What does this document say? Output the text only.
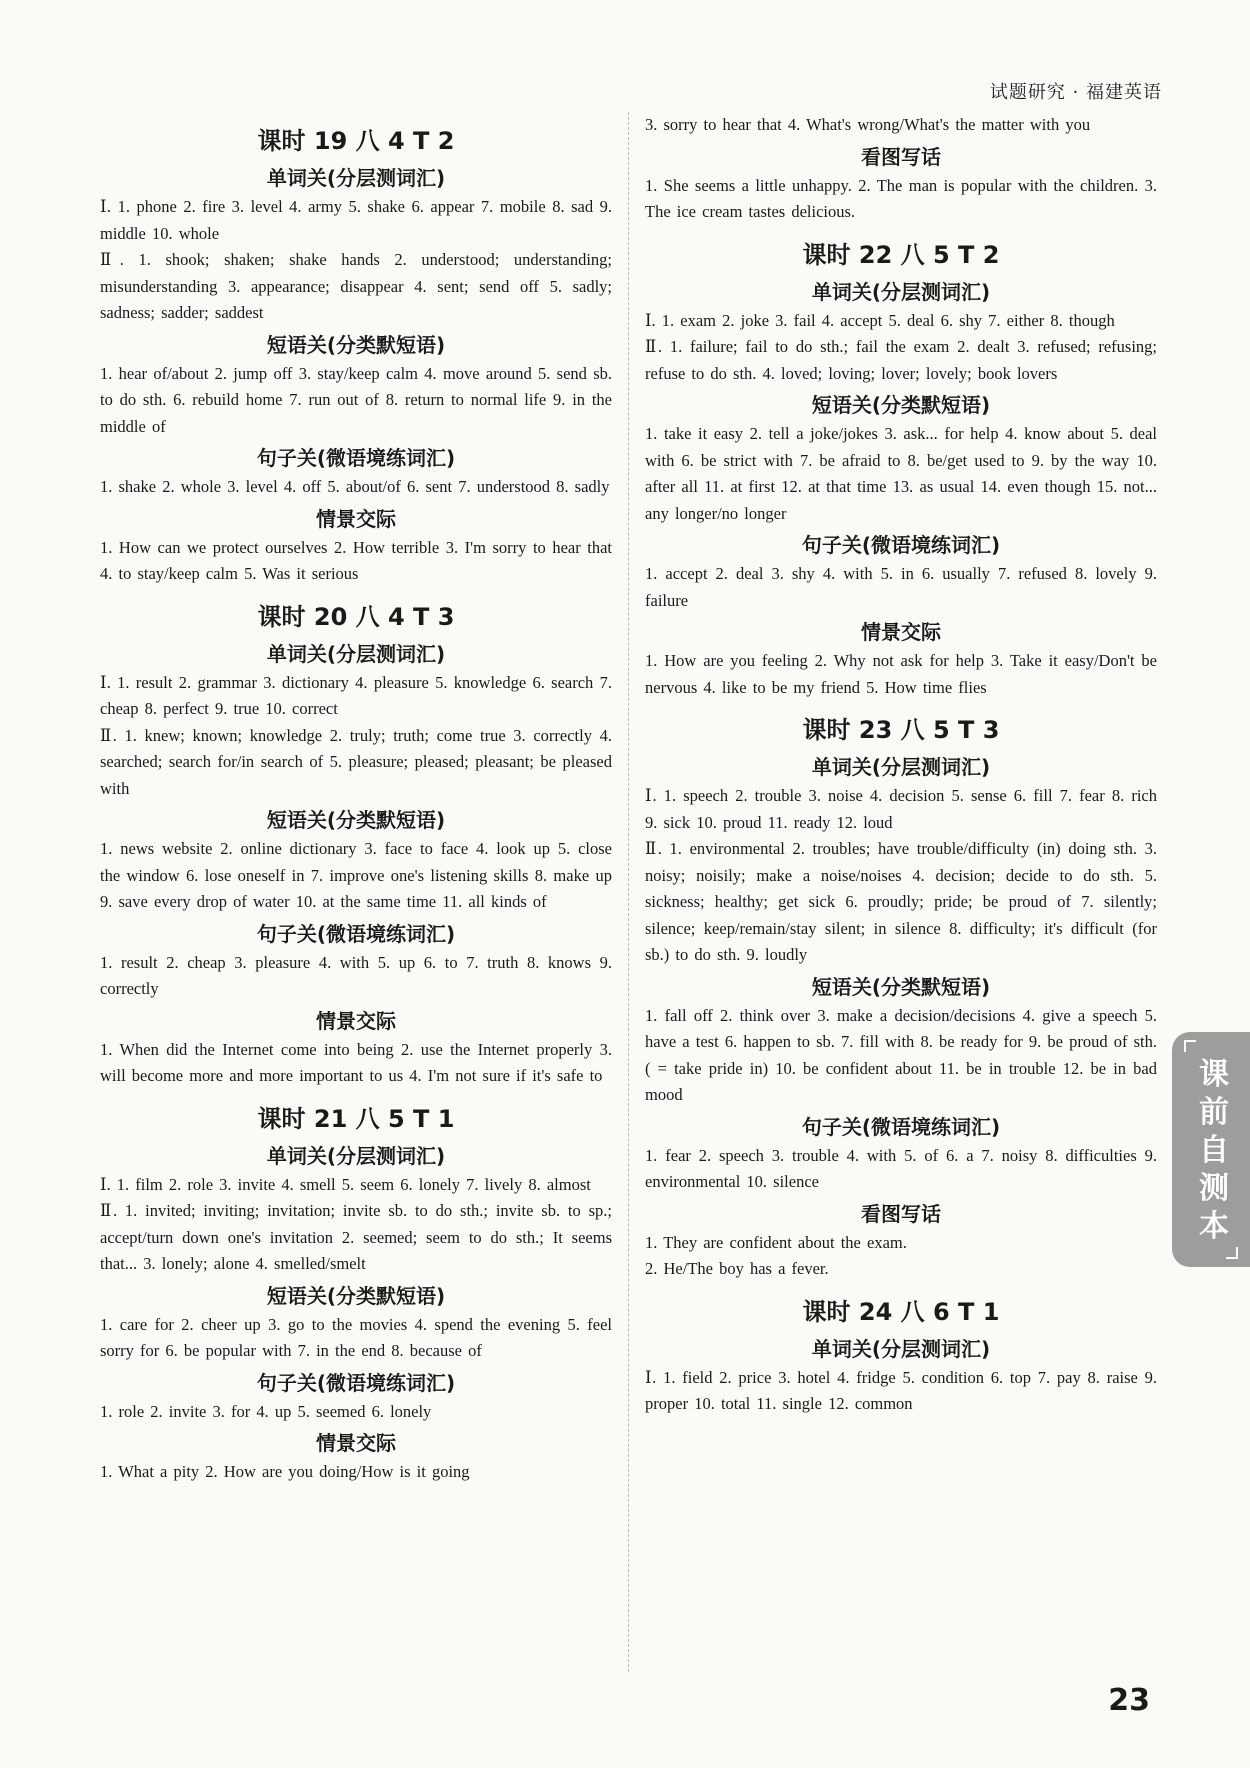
试题研究 · 福建英语
课时 19 八 4 T 2
单词关(分层测词汇)
Ⅰ. 1. phone 2. fire 3. level 4. army 5. shake 6. appear 7. mobile 8. sad 9. middle 10. whole
Ⅱ. 1. shook; shaken; shake hands 2. understood; understanding; misunderstanding 3. appearance; disappear 4. sent; send off 5. sadly; sadness; sadder; saddest
短语关(分类默短语)
1. hear of/about 2. jump off 3. stay/keep calm 4. move around 5. send sb. to do sth. 6. rebuild home 7. run out of 8. return to normal life 9. in the middle of
句子关(微语境练词汇)
1. shake 2. whole 3. level 4. off 5. about/of 6. sent 7. understood 8. sadly
情景交际
1. How can we protect ourselves 2. How terrible 3. I'm sorry to hear that 4. to stay/keep calm 5. Was it serious
课时 20 八 4 T 3
单词关(分层测词汇)
Ⅰ. 1. result 2. grammar 3. dictionary 4. pleasure 5. knowledge 6. search 7. cheap 8. perfect 9. true 10. correct
Ⅱ. 1. knew; known; knowledge 2. truly; truth; come true 3. correctly 4. searched; search for/in search of 5. pleasure; pleased; pleasant; be pleased with
短语关(分类默短语)
1. news website 2. online dictionary 3. face to face 4. look up 5. close the window 6. lose oneself in 7. improve one's listening skills 8. make up 9. save every drop of water 10. at the same time 11. all kinds of
句子关(微语境练词汇)
1. result 2. cheap 3. pleasure 4. with 5. up 6. to 7. truth 8. knows 9. correctly
情景交际
1. When did the Internet come into being 2. use the Internet properly 3. will become more and more important to us 4. I'm not sure if it's safe to
课时 21 八 5 T 1
单词关(分层测词汇)
Ⅰ. 1. film 2. role 3. invite 4. smell 5. seem 6. lonely 7. lively 8. almost
Ⅱ. 1. invited; inviting; invitation; invite sb. to do sth.; invite sb. to sp.; accept/turn down one's invitation 2. seemed; seem to do sth.; It seems that... 3. lonely; alone 4. smelled/smelt
短语关(分类默短语)
1. care for 2. cheer up 3. go to the movies 4. spend the evening 5. feel sorry for 6. be popular with 7. in the end 8. because of
句子关(微语境练词汇)
1. role 2. invite 3. for 4. up 5. seemed 6. lonely
情景交际
1. What a pity 2. How are you doing/How is it going
3. sorry to hear that 4. What's wrong/What's the matter with you
看图写话
1. She seems a little unhappy. 2. The man is popular with the children. 3. The ice cream tastes delicious.
课时 22 八 5 T 2
单词关(分层测词汇)
Ⅰ. 1. exam 2. joke 3. fail 4. accept 5. deal 6. shy 7. either 8. though
Ⅱ. 1. failure; fail to do sth.; fail the exam 2. dealt 3. refused; refusing; refuse to do sth. 4. loved; loving; lover; lovely; book lovers
短语关(分类默短语)
1. take it easy 2. tell a joke/jokes 3. ask... for help 4. know about 5. deal with 6. be strict with 7. be afraid to 8. be/get used to 9. by the way 10. after all 11. at first 12. at that time 13. as usual 14. even though 15. not... any longer/no longer
句子关(微语境练词汇)
1. accept 2. deal 3. shy 4. with 5. in 6. usually 7. refused 8. lovely 9. failure
情景交际
1. How are you feeling 2. Why not ask for help 3. Take it easy/Don't be nervous 4. like to be my friend 5. How time flies
课时 23 八 5 T 3
单词关(分层测词汇)
Ⅰ. 1. speech 2. trouble 3. noise 4. decision 5. sense 6. fill 7. fear 8. rich 9. sick 10. proud 11. ready 12. loud
Ⅱ. 1. environmental 2. troubles; have trouble/difficulty (in) doing sth. 3. noisy; noisily; make a noise/noises 4. decision; decide to do sth. 5. sickness; healthy; get sick 6. proudly; pride; be proud of 7. silently; silence; keep/remain/stay silent; in silence 8. difficulty; it's difficult (for sb.) to do sth. 9. loudly
短语关(分类默短语)
1. fall off 2. think over 3. make a decision/decisions 4. give a speech 5. have a test 6. happen to sb. 7. fill with 8. be ready for 9. be proud of sth. ( = take pride in) 10. be confident about 11. be in trouble 12. be in bad mood
句子关(微语境练词汇)
1. fear 2. speech 3. trouble 4. with 5. of 6. a 7. noisy 8. difficulties 9. environmental 10. silence
看图写话
1. They are confident about the exam.
2. He/The boy has a fever.
课时 24 八 6 T 1
单词关(分层测词汇)
Ⅰ. 1. field 2. price 3. hotel 4. fridge 5. condition 6. top 7. pay 8. raise 9. proper 10. total 11. single 12. common
课前自测本
23
